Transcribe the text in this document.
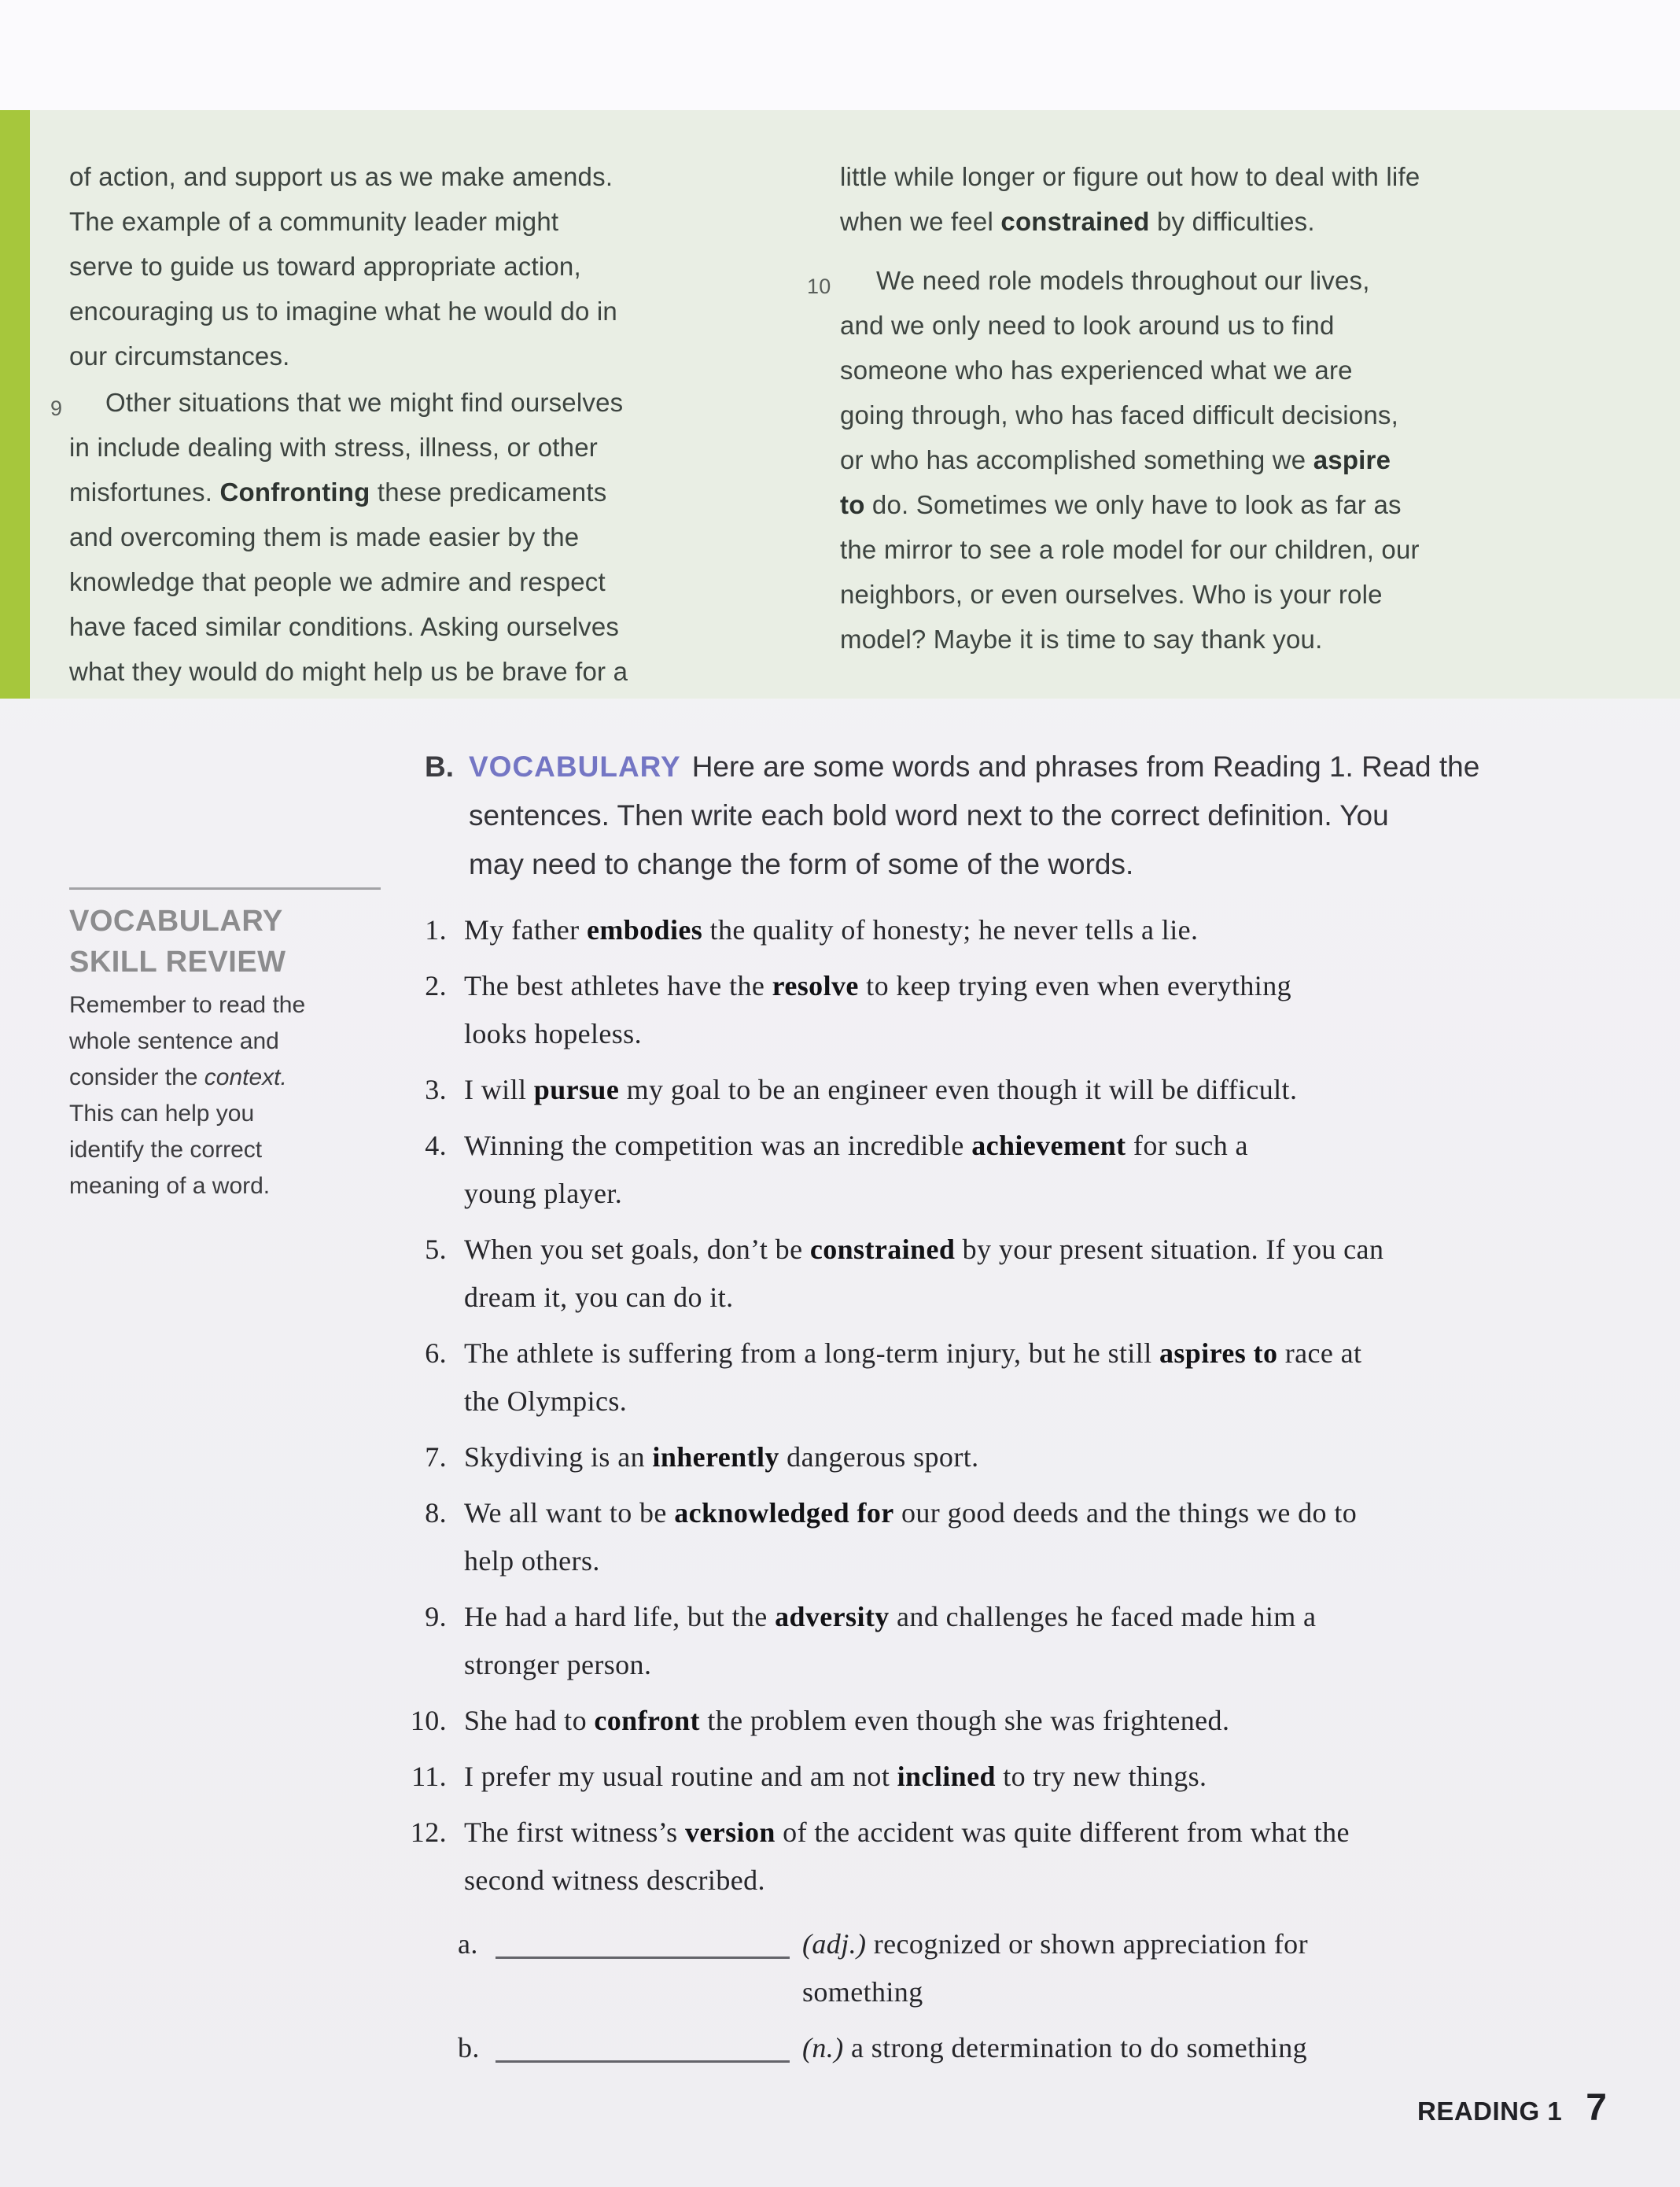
of action, and support us as we make amends.
The example of a community leader might
serve to guide us toward appropriate action,
encouraging us to imagine what he would do in
our circumstances.
9	Other situations that we might find ourselves
in include dealing with stress, illness, or other
misfortunes. Confronting these predicaments
and overcoming them is made easier by the
knowledge that people we admire and respect
have faced similar conditions. Asking ourselves
what they would do might help us be brave for a
little while longer or figure out how to deal with life
when we feel constrained by difficulties.
10	We need role models throughout our lives,
and we only need to look around us to find
someone who has experienced what we are
going through, who has faced difficult decisions,
or who has accomplished something we aspire
to do. Sometimes we only have to look as far as
the mirror to see a role model for our children, our
neighbors, or even ourselves. Who is your role
model? Maybe it is time to say thank you.
B. VOCABULARY Here are some words and phrases from Reading 1. Read the
sentences. Then write each bold word next to the correct definition. You
may need to change the form of some of the words.
VOCABULARY
SKILL REVIEW
Remember to read the
whole sentence and
consider the context.
This can help you
identify the correct
meaning of a word.
1. My father embodies the quality of honesty; he never tells a lie.
2. The best athletes have the resolve to keep trying even when everything
looks hopeless.
3. I will pursue my goal to be an engineer even though it will be difficult.
4. Winning the competition was an incredible achievement for such a
young player.
5. When you set goals, don’t be constrained by your present situation. If you can
dream it, you can do it.
6. The athlete is suffering from a long-term injury, but he still aspires to race at
the Olympics.
7. Skydiving is an inherently dangerous sport.
8. We all want to be acknowledged for our good deeds and the things we do to
help others.
9. He had a hard life, but the adversity and challenges he faced made him a
stronger person.
10. She had to confront the problem even though she was frightened.
11. I prefer my usual routine and am not inclined to try new things.
12. The first witness’s version of the accident was quite different from what the
second witness described.
a.	(adj.) recognized or shown appreciation for
something
b.	(n.) a strong determination to do something
READING 1 7
